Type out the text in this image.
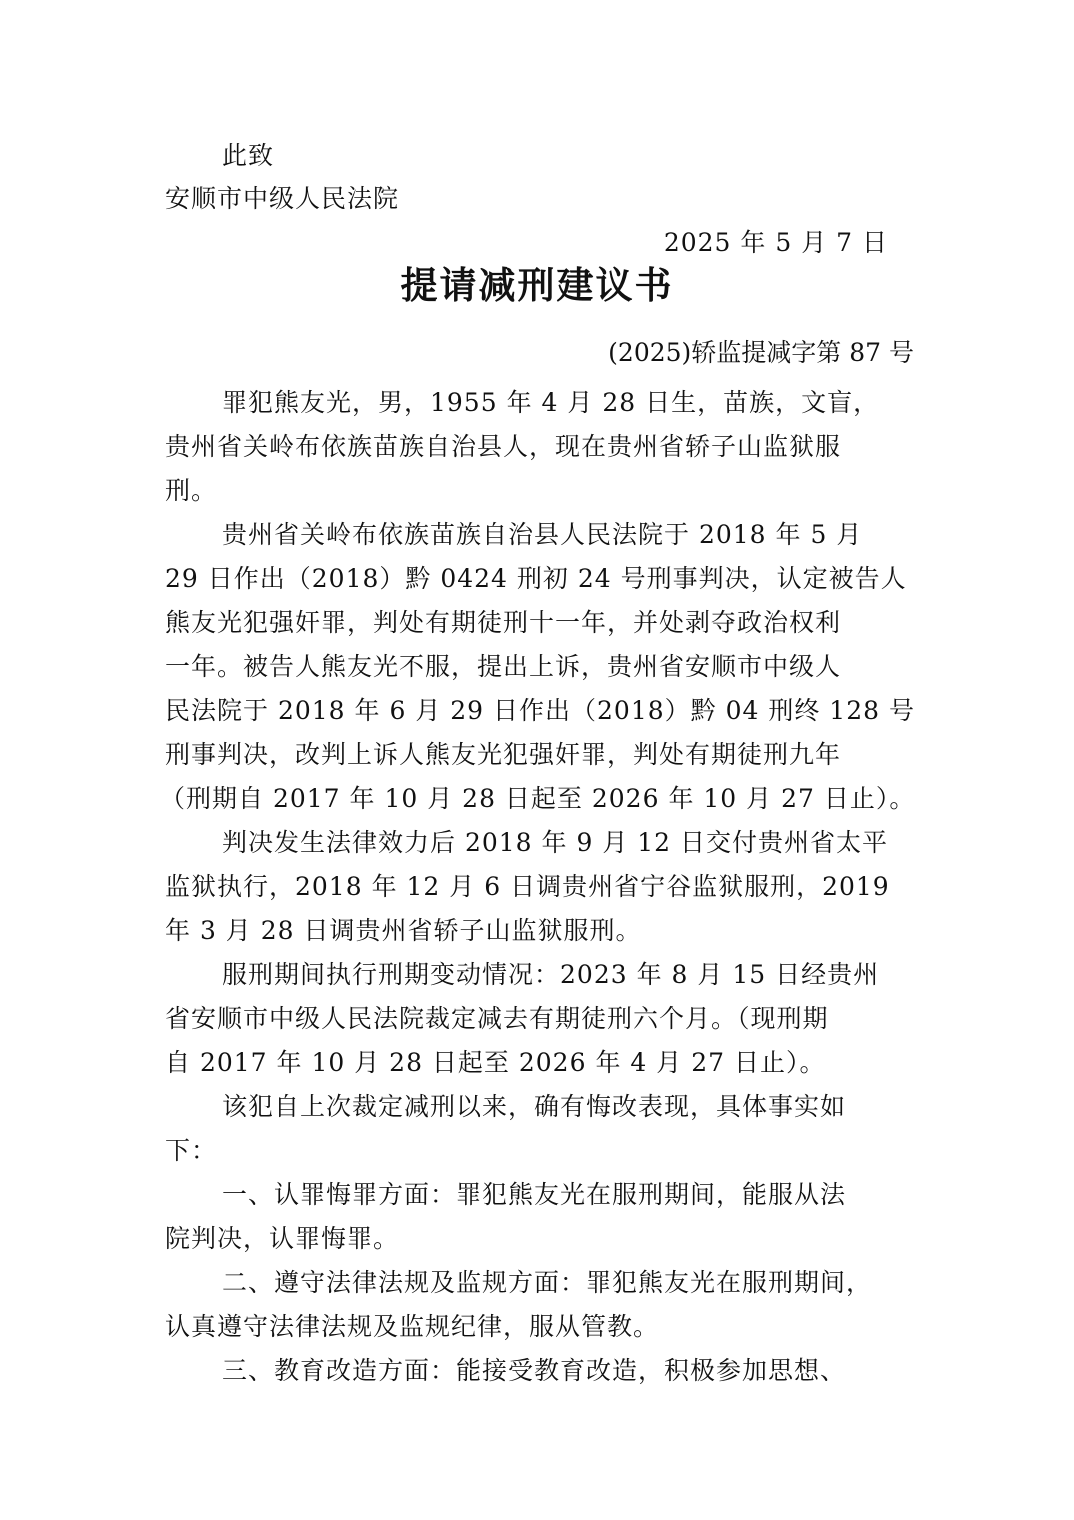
此致
安顺市中级人民法院
2025 年 5 月 7 日
提请减刑建议书
(2025)轿监提减字第 87 号
罪犯熊友光，男，1955 年 4 月 28 日生，苗族，文盲，
贵州省关岭布依族苗族自治县人，现在贵州省轿子山监狱服
刑。
贵州省关岭布依族苗族自治县人民法院于 2018 年 5 月
29 日作出（2018）黔 0424 刑初 24 号刑事判决，认定被告人
熊友光犯强奸罪，判处有期徒刑十一年，并处剥夺政治权利
一年。被告人熊友光不服，提出上诉，贵州省安顺市中级人
民法院于 2018 年 6 月 29 日作出（2018）黔 04 刑终 128 号
刑事判决，改判上诉人熊友光犯强奸罪，判处有期徒刑九年
（刑期自 2017 年 10 月 28 日起至 2026 年 10 月 27 日止）。
判决发生法律效力后 2018 年 9 月 12 日交付贵州省太平
监狱执行，2018 年 12 月 6 日调贵州省宁谷监狱服刑，2019
年 3 月 28 日调贵州省轿子山监狱服刑。
服刑期间执行刑期变动情况：2023 年 8 月 15 日经贵州
省安顺市中级人民法院裁定减去有期徒刑六个月。（现刑期
自 2017 年 10 月 28 日起至 2026 年 4 月 27 日止）。
该犯自上次裁定减刑以来，确有悔改表现，具体事实如
下：
一、认罪悔罪方面：罪犯熊友光在服刑期间，能服从法
院判决，认罪悔罪。
二、遵守法律法规及监规方面：罪犯熊友光在服刑期间，
认真遵守法律法规及监规纪律，服从管教。
三、教育改造方面：能接受教育改造，积极参加思想、
